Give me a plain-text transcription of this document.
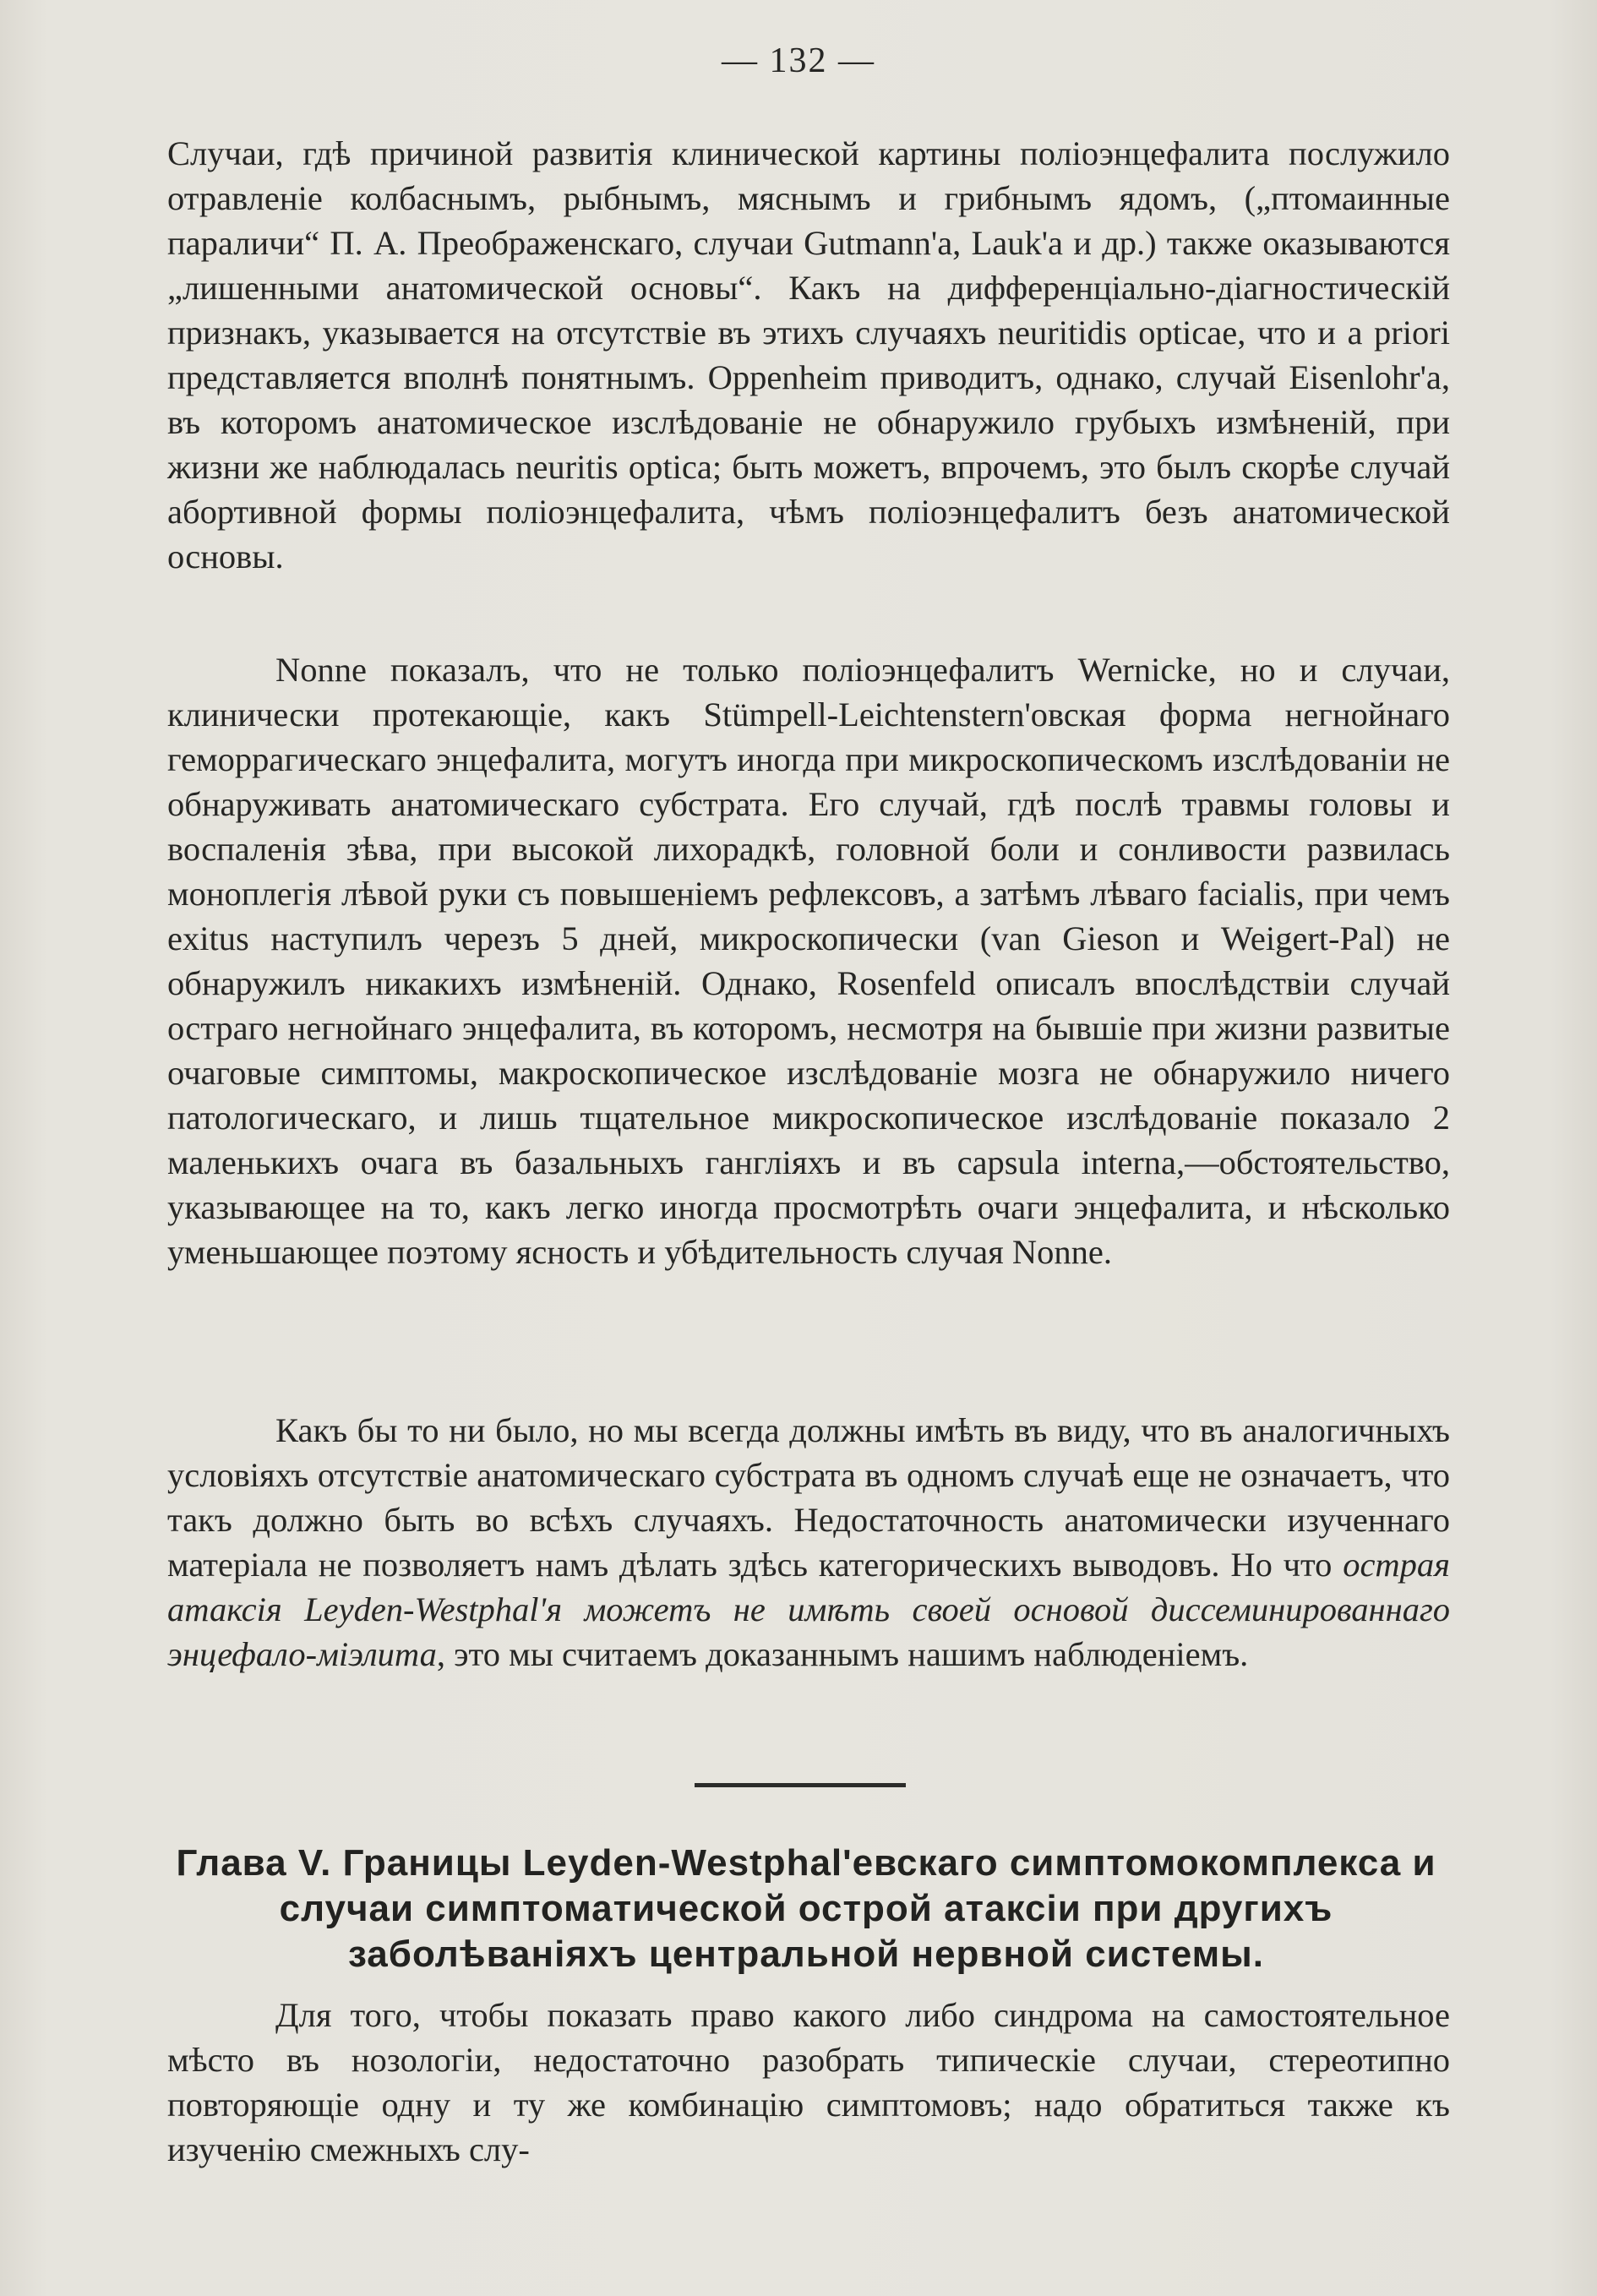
— 132 —

Случаи, гдѣ причиной развитія клинической картины поліоэнцефалита послужило отравленіе колбаснымъ, рыбнымъ, мяснымъ и грибнымъ ядомъ, („птомаинные параличи“ П. А. Преображенскаго, случаи Gutmann'a, Lauk'a и др.) также оказываются „лишенными анатомической основы“. Какъ на дифференціально-діагностическій признакъ, указывается на отсутствіе въ этихъ случаяхъ neuritidis opticae, что и a priori представляется вполнѣ понятнымъ. Oppenheim приводитъ, однако, случай Eisenlohr'a, въ которомъ анатомическое изслѣдованіе не обнаружило грубыхъ измѣненій, при жизни же наблюдалась neuritis optica; быть можетъ, впрочемъ, это былъ скорѣе случай абортивной формы поліоэнцефалита, чѣмъ поліоэнцефалитъ безъ анатомической основы.

Nonne показалъ, что не только поліоэнцефалитъ Wernicke, но и случаи, клинически протекающіе, какъ Stümpell-Leichtenstern'овская форма негнойнаго геморрагическаго энцефалита, могутъ иногда при микроскопическомъ изслѣдованіи не обнаруживать анатомическаго субстрата. Его случай, гдѣ послѣ травмы головы и воспаленія зѣва, при высокой лихорадкѣ, головной боли и сонливости развилась моноплегія лѣвой руки съ повышеніемъ рефлексовъ, а затѣмъ лѣваго facialis, при чемъ exitus наступилъ черезъ 5 дней, микроскопически (van Gieson и Weigert-Pal) не обнаружилъ никакихъ измѣненій. Однако, Rosenfeld описалъ впослѣдствіи случай остраго негнойнаго энцефалита, въ которомъ, несмотря на бывшіе при жизни развитые очаговые симптомы, макроскопическое изслѣдованіе мозга не обнаружило ничего патологическаго, и лишь тщательное микроскопическое изслѣдованіе показало 2 маленькихъ очага въ базальныхъ гангліяхъ и въ capsula interna,—обстоятельство, указывающее на то, какъ легко иногда просмотрѣть очаги энцефалита, и нѣсколько уменьшающее поэтому ясность и убѣдительность случая Nonne.

Какъ бы то ни было, но мы всегда должны имѣть въ виду, что въ аналогичныхъ условіяхъ отсутствіе анатомическаго субстрата въ одномъ случаѣ еще не означаетъ, что такъ должно быть во всѣхъ случаяхъ. Недостаточность анатомически изученнаго матеріала не позволяетъ намъ дѣлать здѣсь категорическихъ выводовъ. Но что острая атаксія Leyden-Westphal'я можетъ не имѣть своей основой диссеминированнаго энцефало-міэлита, это мы считаемъ доказаннымъ нашимъ наблюденіемъ.

Глава V. Границы Leyden-Westphal'евскаго симптомокомплекса и случаи симптоматической острой атаксіи при другихъ заболѣваніяхъ центральной нервной системы.

Для того, чтобы показать право какого либо синдрома на самостоятельное мѣсто въ нозологіи, недостаточно разобрать типическіе случаи, стереотипно повторяющіе одну и ту же комбинацію симптомовъ; надо обратиться также къ изученію смежныхъ слу-
